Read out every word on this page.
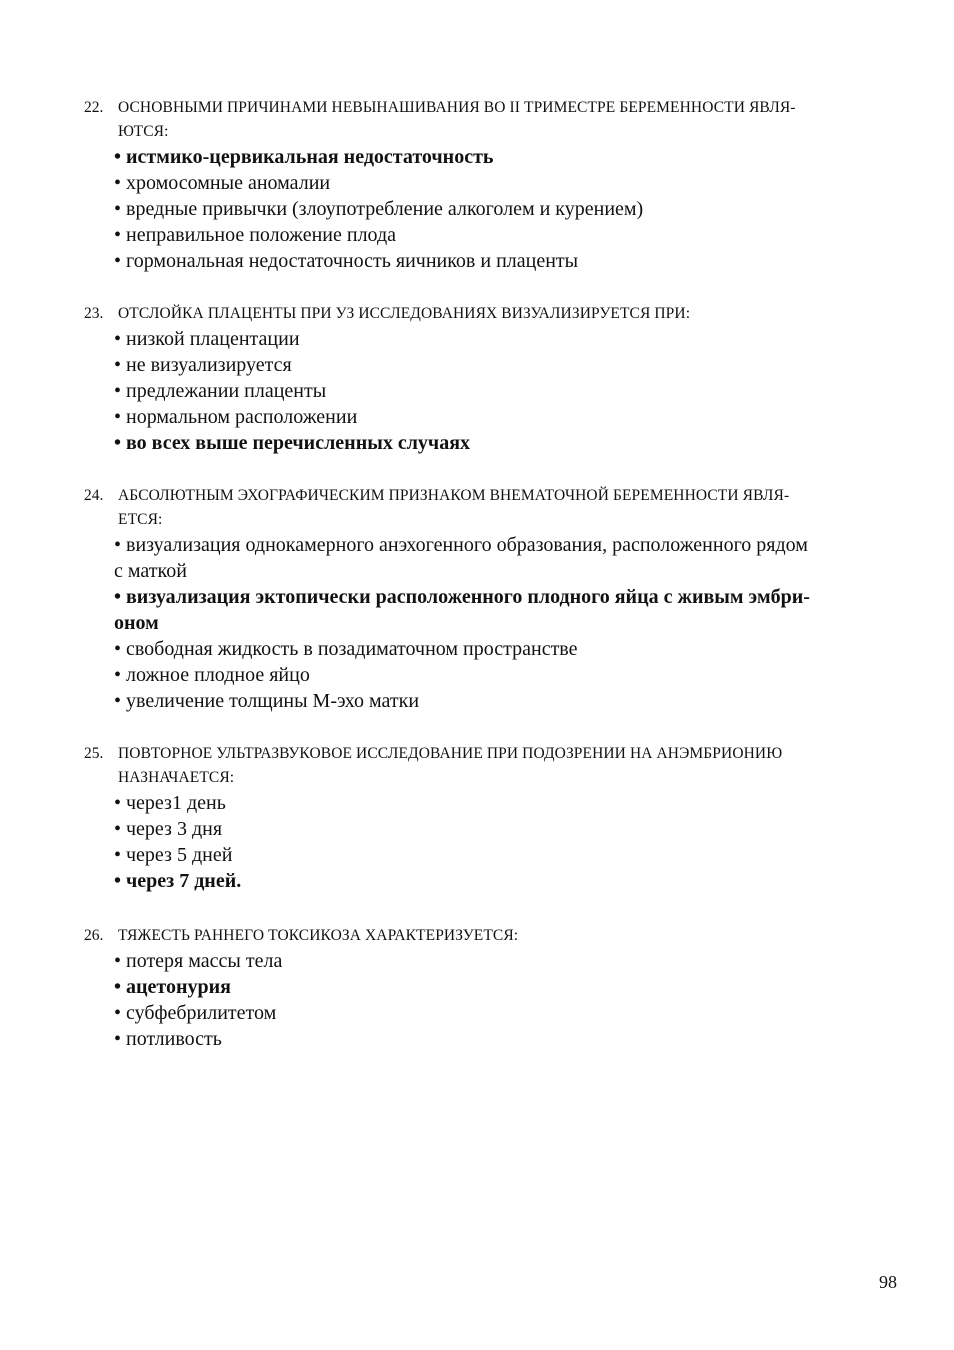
22. ОСНОВНЫМИ ПРИЧИНАМИ НЕВЫНАШИВАНИЯ ВО II ТРИМЕСТРЕ БЕРЕМЕННОСТИ ЯВЛЯ-
ЮТСЯ:
• истмико-цервикальная недостаточность
• хромосомные аномалии
• вредные привычки (злоупотребление алкоголем и курением)
• неправильное положение плода
• гормональная недостаточность яичников и плаценты
23. ОТСЛОЙКА ПЛАЦЕНТЫ ПРИ УЗ ИССЛЕДОВАНИЯХ ВИЗУАЛИЗИРУЕТСЯ ПРИ:
• низкой плацентации
• не визуализируется
• предлежании плаценты
• нормальном расположении
• во всех выше перечисленных случаях
24. АБСОЛЮТНЫМ ЭХОГРАФИЧЕСКИМ ПРИЗНАКОМ ВНЕМАТОЧНОЙ БЕРЕМЕННОСТИ ЯВЛЯ-
ЕТСЯ:
• визуализация однокамерного анэхогенного образования, расположенного рядом
с маткой
• визуализация эктопически расположенного плодного яйца с живым эмбри-
оном
• свободная жидкость в позадиматочном пространстве
• ложное плодное яйцо
• увеличение толщины М-эхо матки
25. ПОВТОРНОЕ УЛЬТРАЗВУКОВОЕ ИССЛЕДОВАНИЕ ПРИ ПОДОЗРЕНИИ НА АНЭМБРИОНИЮ
НАЗНАЧАЕТСЯ:
• через1 день
• через 3 дня
• через 5 дней
• через 7 дней.
26. ТЯЖЕСТЬ РАННЕГО ТОКСИКОЗА ХАРАКТЕРИЗУЕТСЯ:
• потеря массы тела
• ацетонурия
• субфебрилитетом
• потливость
98
